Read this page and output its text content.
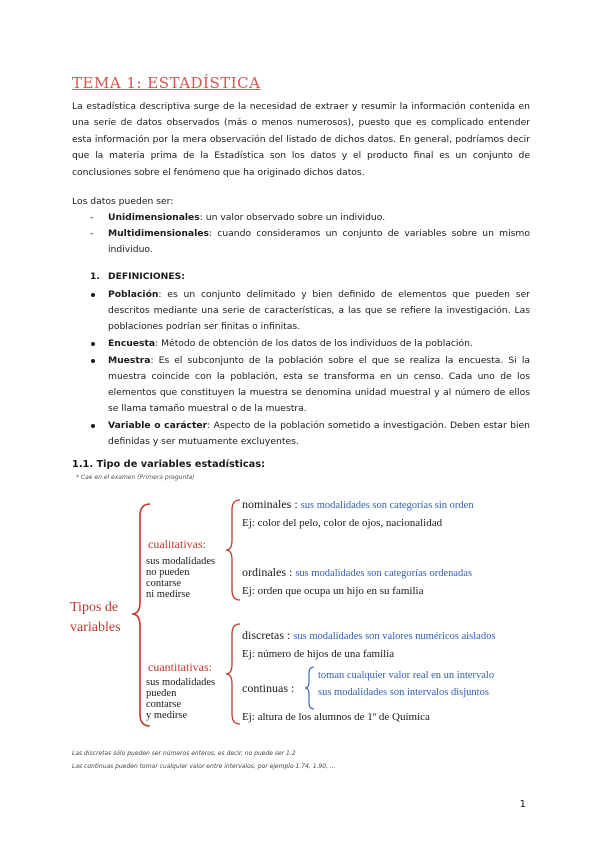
TEMA 1: ESTADÍSTICA
La estadística descriptiva surge de la necesidad de extraer y resumir la información contenida en una serie de datos observados (más o menos numerosos), puesto que es complicado entender esta información por la mera observación del listado de dichos datos. En general, podríamos decir que la materia prima de la Estadística son los datos y el producto final es un conjunto de conclusiones sobre el fenómeno que ha originado dichos datos.
Los datos pueden ser:
- Unidimensionales: un valor observado sobre un individuo.
- Multidimensionales: cuando consideramos un conjunto de variables sobre un mismo individuo.
1. DEFINICIONES:
Población: es un conjunto delimitado y bien definido de elementos que pueden ser descritos mediante una serie de características, a las que se refiere la investigación. Las poblaciones podrían ser finitas o infinitas.
Encuesta: Método de obtención de los datos de los individuos de la población.
Muestra: Es el subconjunto de la población sobre el que se realiza la encuesta. Si la muestra coincide con la población, esta se transforma en un censo. Cada uno de los elementos que constituyen la muestra se denomina unidad muestral y al número de ellos se llama tamaño muestral o de la muestra.
Variable o carácter: Aspecto de la población sometido a investigación. Deben estar bien definidas y ser mutuamente excluyentes.
1.1. Tipo de variables estadísticas:
* Cae en el examen (Primera pregunta)
Tipos de
variables
cualitativas:
sus modalidades
no pueden
contarse
ni medirse
nominales : sus modalidades son categorías sin orden
Ej: color del pelo, color de ojos, nacionalidad
ordinales : sus modalidades son categorías ordenadas
Ej: orden que ocupa un hijo en su familia
cuantitativas:
sus modalidades
pueden
contarse
y medirse
discretas : sus modalidades son valores numéricos aislados
Ej: número de hijos de una familia
continuas :
toman cualquier valor real en un intervalo
sus modalidades son intervalos disjuntos
Ej: altura de los alumnos de 1º de Química
Las discretas sólo pueden ser números enteros, es decir, no puede ser 1.2
Las continuas pueden tomar cualquier valor entre intervalos, por ejemplo 1.74, 1.90, ...
1
